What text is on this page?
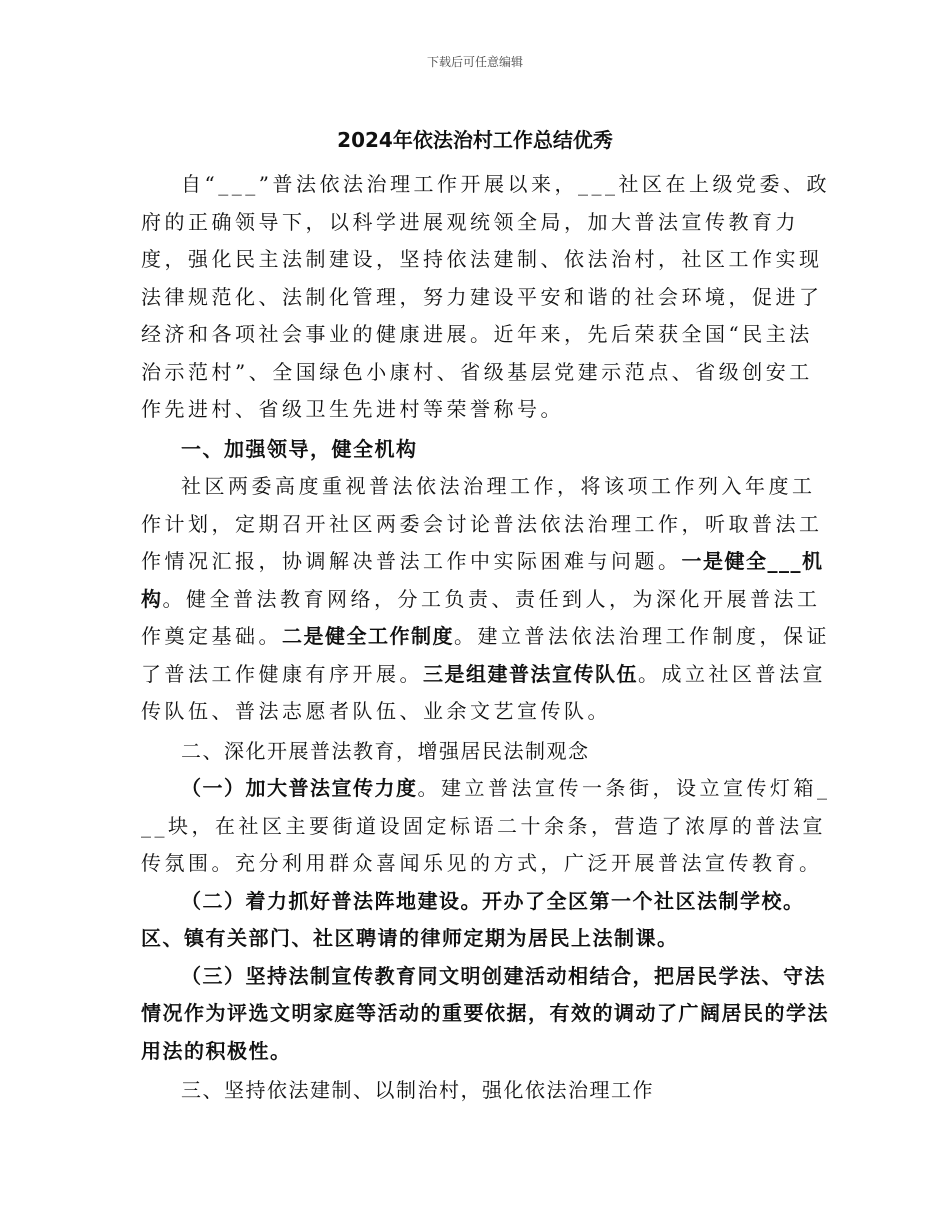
下载后可任意编辑
2024年依法治村工作总结优秀

自“___”普法依法治理工作开展以来，___社区在上级党委、政府的正确领导下，以科学进展观统领全局，加大普法宣传教育力度，强化民主法制建设，坚持依法建制、依法治村，社区工作实现法律规范化、法制化管理，努力建设平安和谐的社会环境，促进了经济和各项社会事业的健康进展。近年来，先后荣获全国“民主法治示范村”、全国绿色小康村、省级基层党建示范点、省级创安工作先进村、省级卫生先进村等荣誉称号。

一、加强领导，健全机构

社区两委高度重视普法依法治理工作，将该项工作列入年度工作计划，定期召开社区两委会讨论普法依法治理工作，听取普法工作情况汇报，协调解决普法工作中实际困难与问题。一是健全___机构。健全普法教育网络，分工负责、责任到人，为深化开展普法工作奠定基础。二是健全工作制度。建立普法依法治理工作制度，保证了普法工作健康有序开展。三是组建普法宣传队伍。成立社区普法宣传队伍、普法志愿者队伍、业余文艺宣传队。

二、深化开展普法教育，增强居民法制观念

（一）加大普法宣传力度。建立普法宣传一条街，设立宣传灯箱___块，在社区主要街道设固定标语二十余条，营造了浓厚的普法宣传氛围。充分利用群众喜闻乐见的方式，广泛开展普法宣传教育。

（二）着力抓好普法阵地建设。开办了全区第一个社区法制学校。区、镇有关部门、社区聘请的律师定期为居民上法制课。

（三）坚持法制宣传教育同文明创建活动相结合，把居民学法、守法情况作为评选文明家庭等活动的重要依据，有效的调动了广阔居民的学法用法的积极性。

三、坚持依法建制、以制治村，强化依法治理工作
